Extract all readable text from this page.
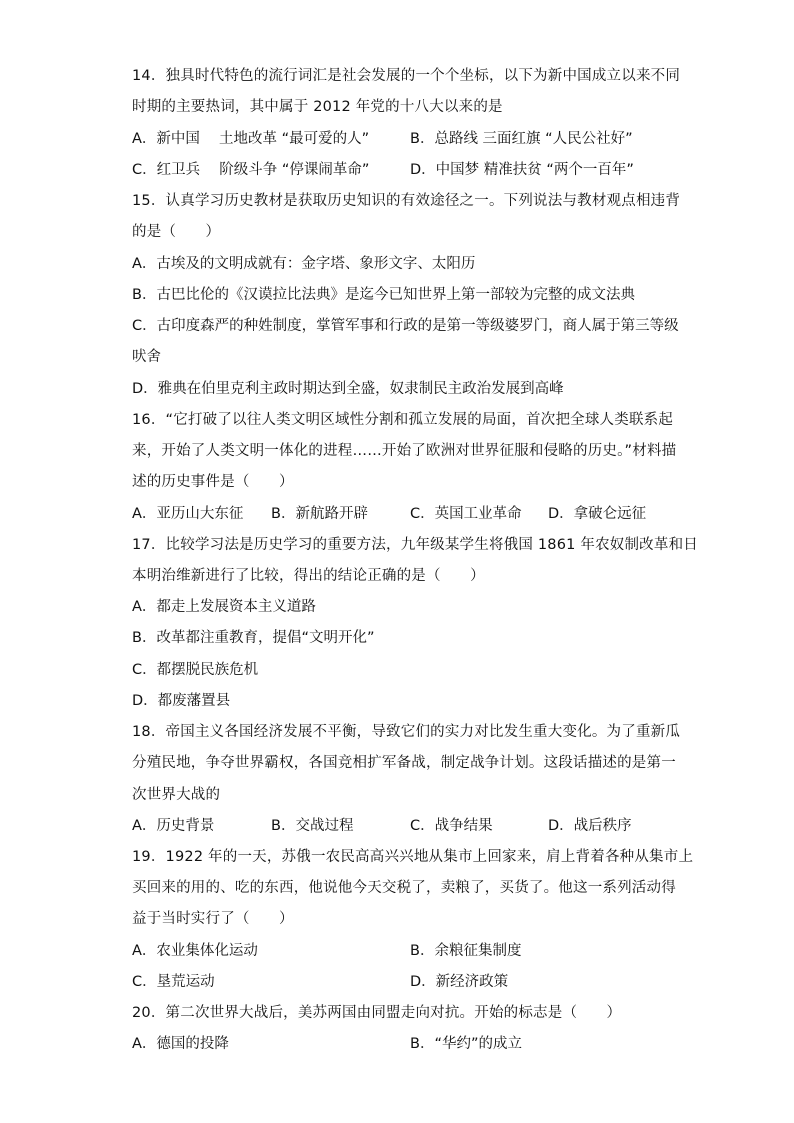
14．独具时代特色的流行词汇是社会发展的一个个坐标，以下为新中国成立以来不同
时期的主要热词，其中属于 2012 年党的十八大以来的是
A．新中国　 土地改革 “最可爱的人”	B．总路线 三面红旗 “人民公社好”
C．红卫兵　 阶级斗争 “停课闹革命”	D．中国梦 精准扶贫 “两个一百年”
15．认真学习历史教材是获取历史知识的有效途径之一。下列说法与教材观点相违背
的是（　　）
A．古埃及的文明成就有：金字塔、象形文字、太阳历
B．古巴比伦的《汉谟拉比法典》是迄今已知世界上第一部较为完整的成文法典
C．古印度森严的种姓制度，掌管军事和行政的是第一等级婆罗门，商人属于第三等级
吠舍
D．雅典在伯里克利主政时期达到全盛，奴隶制民主政治发展到高峰
16．“它打破了以往人类文明区域性分割和孤立发展的局面，首次把全球人类联系起
来，开始了人类文明一体化的进程……开始了欧洲对世界征服和侵略的历史。”材料描
述的历史事件是（　　）
A．亚历山大东征 B．新航路开辟	C．英国工业革命 D．拿破仑远征
17．比较学习法是历史学习的重要方法，九年级某学生将俄国 1861 年农奴制改革和日
本明治维新进行了比较，得出的结论正确的是（　　）
A．都走上发展资本主义道路
B．改革都注重教育，提倡“文明开化”
C．都摆脱民族危机
D．都废藩置县
18．帝国主义各国经济发展不平衡，导致它们的实力对比发生重大变化。为了重新瓜
分殖民地，争夺世界霸权，各国竞相扩军备战，制定战争计划。这段话描述的是第一
次世界大战的
A．历史背景	B．交战过程	C．战争结果	D．战后秩序
19．1922 年的一天，苏俄一农民高高兴兴地从集市上回家来，肩上背着各种从集市上
买回来的用的、吃的东西，他说他今天交税了，卖粮了，买货了。他这一系列活动得
益于当时实行了（　　）
A．农业集体化运动	B．余粮征集制度
C．垦荒运动	D．新经济政策
20．第二次世界大战后，美苏两国由同盟走向对抗。开始的标志是（　　）
A．德国的投降	B．“华约”的成立
